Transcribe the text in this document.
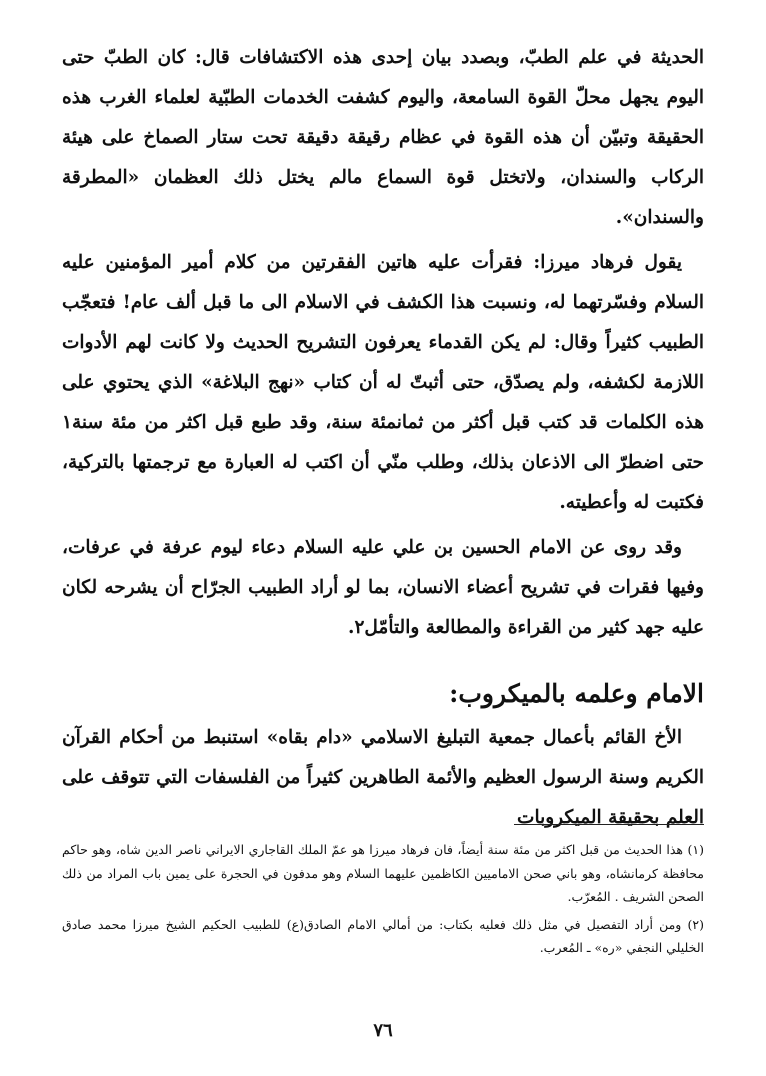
الحديثة في علم الطبّ، وبصدد بيان إحدى هذه الاكتشافات قال: كان الطبّ حتى اليوم يجهل محلّ القوة السامعة، واليوم كشفت الخدمات الطبّية لعلماء الغرب هذه الحقيقة وتبيّن أن هذه القوة في عظام رقيقة دقيقة تحت ستار الصماخ على هيئة الركاب والسندان، ولاتختل قوة السماع مالم يختل ذلك العظمان «المطرقة والسندان».

يقول فرهاد ميرزا: فقرأت عليه هاتين الفقرتين من كلام أمير المؤمنين عليه السلام وفسّرتهما له، ونسبت هذا الكشف في الاسلام الى ما قبل ألف عام! فتعجّب الطبيب كثيراً وقال: لم يكن القدماء يعرفون التشريح الحديث ولا كانت لهم الأدوات اللازمة لكشفه، ولم يصدّق، حتى أثبتّ له أن كتاب «نهج البلاغة» الذي يحتوي على هذه الكلمات قد كتب قبل أكثر من ثمانمئة سنة، وقد طبع قبل اكثر من مئة سنة١ حتى اضطرّ الى الاذعان بذلك، وطلب منّي أن اكتب له العبارة مع ترجمتها بالتركية، فكتبت له وأعطيته.

وقد روى عن الامام الحسين بن علي عليه السلام دعاء ليوم عرفة في عرفات، وفيها فقرات في تشريح أعضاء الانسان، بما لو أراد الطبيب الجرّاح أن يشرحه لكان عليه جهد كثير من القراءة والمطالعة والتأمّل٢.

الامام وعلمه بالميكروب:

الأخ القائم بأعمال جمعية التبليغ الاسلامي «دام بقاه» استنبط من أحكام القرآن الكريم وسنة الرسول العظيم والأئمة الطاهرين كثيراً من الفلسفات التي تتوقف على العلم بحقيقة الميكروبات

(١) هذا الحديث من قبل اكثر من مئة سنة أيضاً، فان فرهاد ميرزا هو عمّ الملك القاجاري الايراني ناصر الدين شاه، وهو حاكم محافظة كرمانشاه، وهو باني صحن الاماميين الكاظمين عليهما السلام وهو مدفون في الحجرة على يمين باب المراد من ذلك الصحن الشريف . المُعرّب.

(٢) ومن أراد التفصيل في مثل ذلك فعليه بكتاب: من أمالي الامام الصادق(ع) للطبيب الحكيم الشيخ ميرزا محمد صادق الخليلي النجفي «ره» ـ المُعرب.

٧٦
